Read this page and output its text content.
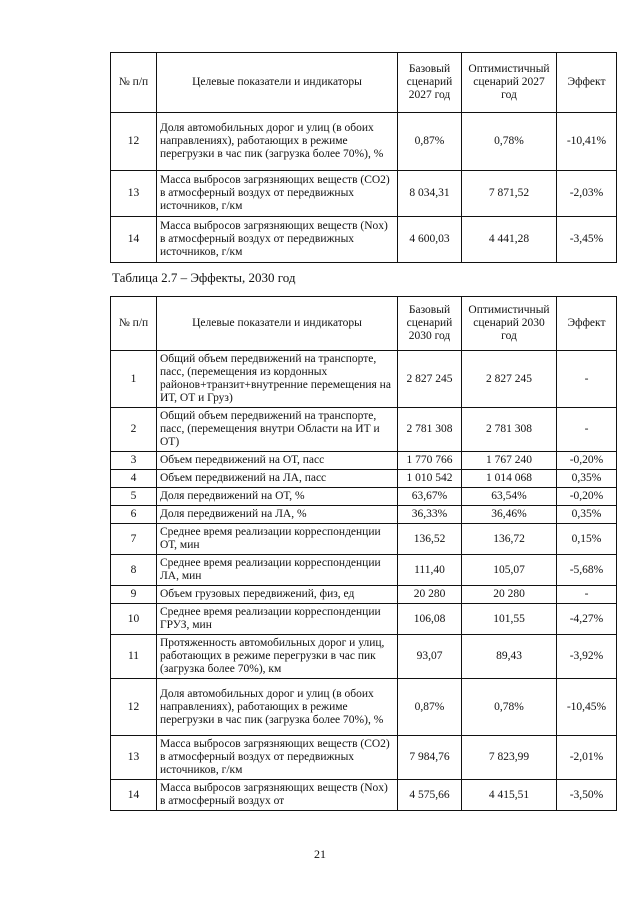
№ п/п	Целевые показатели и индикаторы	Базовый сценарий 2027 год	Оптимистичный сценарий 2027 год	Эффект
12	Доля автомобильных дорог и улиц (в обоих направлениях), работающих в режиме перегрузки в час пик (загрузка более 70%), %	0,87%	0,78%	-10,41%
13	Масса выбросов загрязняющих веществ (СО2) в атмосферный воздух от передвижных источников, г/км	8 034,31	7 871,52	-2,03%
14	Масса выбросов загрязняющих веществ (Nox) в атмосферный воздух от передвижных источников, г/км	4 600,03	4 441,28	-3,45%
Таблица 2.7 – Эффекты, 2030 год
№ п/п	Целевые показатели и индикаторы	Базовый сценарий 2030 год	Оптимистичный сценарий 2030 год	Эффект
1	Общий объем передвижений на транспорте, пасс, (перемещения из кордонных районов+транзит+внутренние перемещения на ИТ, ОТ и Груз)	2 827 245	2 827 245	-
2	Общий объем передвижений на транспорте, пасс, (перемещения внутри Области на ИТ и ОТ)	2 781 308	2 781 308	-
3	Объем передвижений на ОТ, пасс	1 770 766	1 767 240	-0,20%
4	Объем передвижений на ЛА, пасс	1 010 542	1 014 068	0,35%
5	Доля передвижений на ОТ, %	63,67%	63,54%	-0,20%
6	Доля передвижений на ЛА, %	36,33%	36,46%	0,35%
7	Среднее время реализации корреспонденции ОТ, мин	136,52	136,72	0,15%
8	Среднее время реализации корреспонденции ЛА, мин	111,40	105,07	-5,68%
9	Объем грузовых передвижений, физ, ед	20 280	20 280	-
10	Среднее время реализации корреспонденции ГРУЗ, мин	106,08	101,55	-4,27%
11	Протяженность автомобильных дорог и улиц, работающих в режиме перегрузки в час пик (загрузка более 70%), км	93,07	89,43	-3,92%
12	Доля автомобильных дорог и улиц (в обоих направлениях), работающих в режиме перегрузки в час пик (загрузка более 70%), %	0,87%	0,78%	-10,45%
13	Масса выбросов загрязняющих веществ (СО2) в атмосферный воздух от передвижных источников, г/км	7 984,76	7 823,99	-2,01%
14	Масса выбросов загрязняющих веществ (Nox) в атмосферный воздух от	4 575,66	4 415,51	-3,50%
21
